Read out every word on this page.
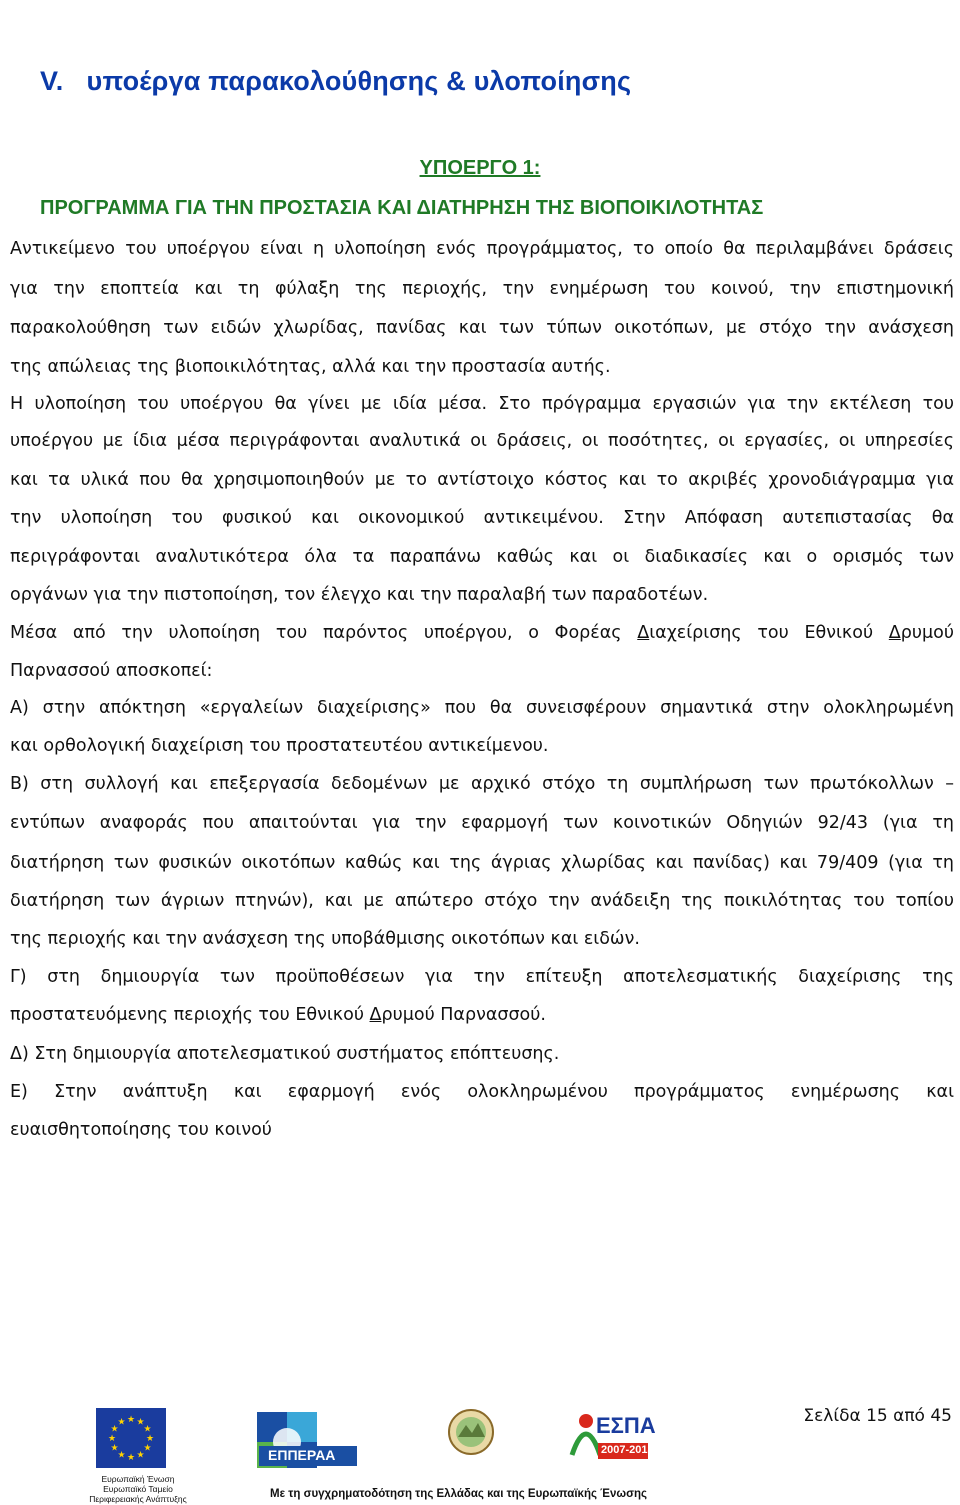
V. υποέργα παρακολούθησης & υλοποίησης
ΥΠΟΕΡΓΟ 1:
ΠΡΟΓΡΑΜΜΑ ΓΙΑ ΤΗΝ ΠΡΟΣΤΑΣΙΑ ΚΑΙ ΔΙΑΤΗΡΗΣΗ ΤΗΣ ΒΙΟΠΟΙΚΙΛΟΤΗΤΑΣ
Αντικείμενο του υποέργου είναι η υλοποίηση ενός προγράμματος, το οποίο θα περιλαμβάνει δράσεις
για την εποπτεία και τη φύλαξη της περιοχής, την ενημέρωση του κοινού, την επιστημονική
παρακολούθηση των ειδών χλωρίδας, πανίδας και των τύπων οικοτόπων, με στόχο την ανάσχεση
της απώλειας της βιοποικιλότητας, αλλά και την προστασία αυτής.
Η υλοποίηση του υποέργου θα γίνει με ιδία μέσα. Στο πρόγραμμα εργασιών για την εκτέλεση του
υποέργου με ίδια μέσα περιγράφονται αναλυτικά οι δράσεις, οι ποσότητες, οι εργασίες, οι υπηρεσίες
και τα υλικά που θα χρησιμοποιηθούν με το αντίστοιχο κόστος και το ακριβές χρονοδιάγραμμα για
την υλοποίηση του φυσικού και οικονομικού αντικειμένου. Στην Απόφαση αυτεπιστασίας θα
περιγράφονται αναλυτικότερα όλα τα παραπάνω καθώς και οι διαδικασίες και ο ορισμός των
οργάνων για την πιστοποίηση, τον έλεγχο και την παραλαβή των παραδοτέων.
Μέσα από την υλοποίηση του παρόντος υποέργου, ο Φορέας Διαχείρισης του Εθνικού Δρυμού
Παρνασσού αποσκοπεί:
Α) στην απόκτηση «εργαλείων διαχείρισης» που θα συνεισφέρουν σημαντικά στην ολοκληρωμένη
και ορθολογική διαχείριση του προστατευτέου αντικείμενου.
Β) στη συλλογή και επεξεργασία δεδομένων με αρχικό στόχο τη συμπλήρωση των πρωτόκολλων –
εντύπων αναφοράς που απαιτούνται για την εφαρμογή των κοινοτικών Οδηγιών 92/43 (για τη
διατήρηση των φυσικών οικοτόπων καθώς και της άγριας χλωρίδας και πανίδας) και 79/409 (για τη
διατήρηση των άγριων πτηνών), και με απώτερο στόχο την ανάδειξη της ποικιλότητας του τοπίου
της περιοχής και την ανάσχεση της υποβάθμισης οικοτόπων και ειδών.
Γ) στη δημιουργία των προϋποθέσεων για την επίτευξη αποτελεσματικής διαχείρισης της
προστατευόμενης περιοχής του Εθνικού Δρυμού Παρνασσού.
Δ) Στη δημιουργία αποτελεσματικού συστήματος επόπτευσης.
Ε) Στην ανάπτυξη και εφαρμογή ενός ολοκληρωμένου προγράμματος ενημέρωσης και
ευαισθητοποίησης του κοινού
★ ★
★
★
★
★
★
★
★
★
★
★
ΕΠΠΕΡΑΑ
ΕΣΠΑ
2007-2013
Σελίδα 15 από 45
Ευρωπαϊκή Ένωση
Ευρωπαϊκό Ταμείο
Περιφερειακής Ανάπτυξης	Με τη συγχρηματοδότηση της Ελλάδας και της Ευρωπαϊκής Ένωσης
